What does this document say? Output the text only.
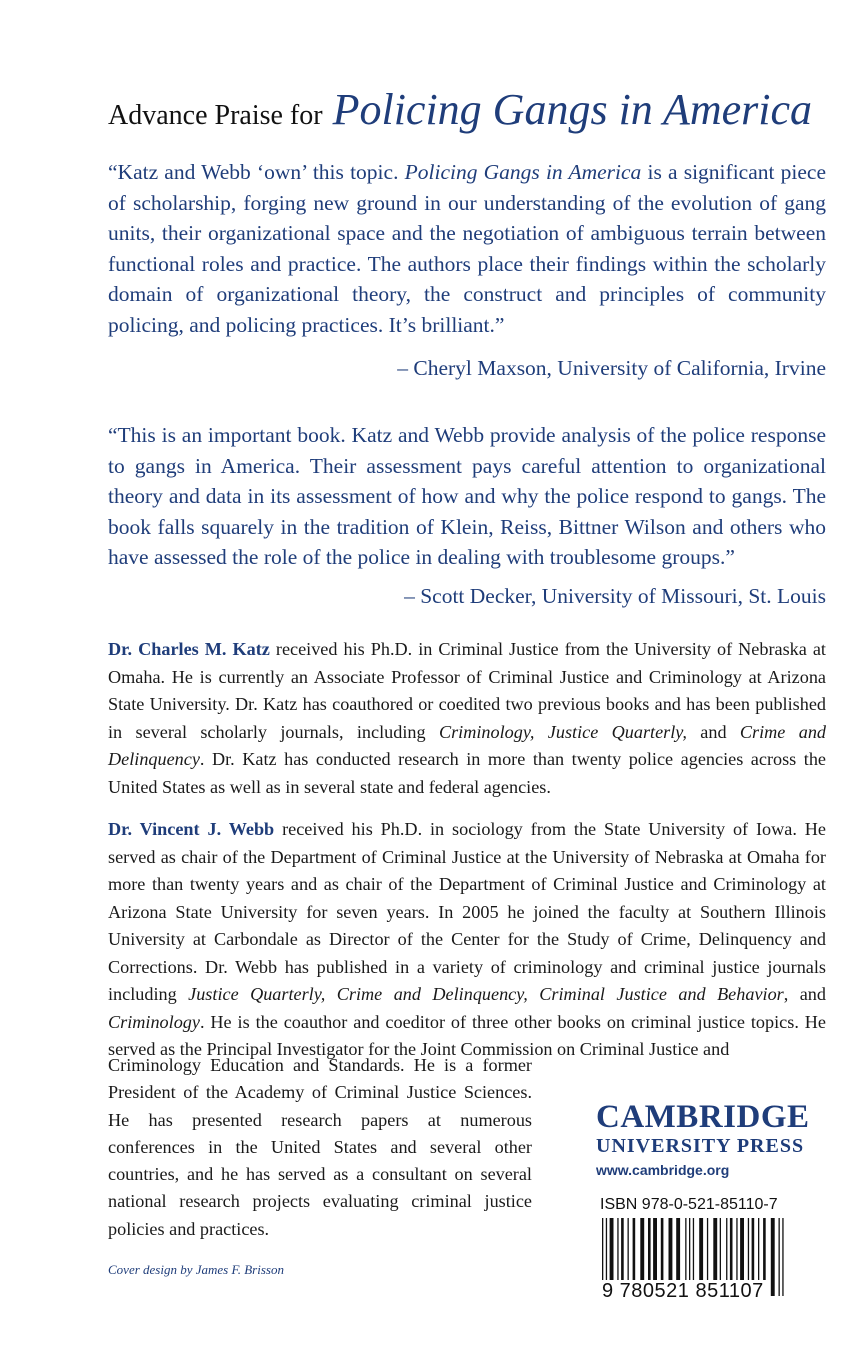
Advance Praise for Policing Gangs in America

“Katz and Webb ‘own’ this topic. Policing Gangs in America is a significant piece of scholarship, forging new ground in our understanding of the evolution of gang units, their organizational space and the negotiation of ambiguous terrain between functional roles and practice. The authors place their findings within the scholarly domain of organizational theory, the construct and principles of community policing, and policing practices. It’s brilliant.”

– Cheryl Maxson, University of California, Irvine

“This is an important book. Katz and Webb provide analysis of the police response to gangs in America. Their assessment pays careful attention to organizational theory and data in its assessment of how and why the police respond to gangs. The book falls squarely in the tradition of Klein, Reiss, Bittner Wilson and others who have assessed the role of the police in dealing with troublesome groups.”

– Scott Decker, University of Missouri, St. Louis

Dr. Charles M. Katz received his Ph.D. in Criminal Justice from the University of Nebraska at Omaha. He is currently an Associate Professor of Criminal Justice and Criminology at Arizona State University. Dr. Katz has coauthored or coedited two previous books and has been published in several scholarly journals, including Criminology, Justice Quarterly, and Crime and Delinquency. Dr. Katz has conducted research in more than twenty police agencies across the United States as well as in several state and federal agencies.

Dr. Vincent J. Webb received his Ph.D. in sociology from the State University of Iowa. He served as chair of the Department of Criminal Justice at the University of Nebraska at Omaha for more than twenty years and as chair of the Department of Criminal Justice and Criminology at Arizona State University for seven years. In 2005 he joined the faculty at Southern Illinois University at Carbondale as Director of the Center for the Study of Crime, Delinquency and Corrections. Dr. Webb has published in a variety of criminology and criminal justice journals including Justice Quarterly, Crime and Delinquency, Criminal Justice and Behavior, and Criminology. He is the coauthor and coeditor of three other books on criminal justice topics. He served as the Principal Investigator for the Joint Commission on Criminal Justice and

Criminology Education and Standards. He is a former President of the Academy of Criminal Justice Sciences. He has presented research papers at numerous conferences in the United States and several other countries, and he has served as a consultant on several national research projects evaluating criminal justice policies and practices.

CAMBRIDGE
UNIVERSITY PRESS
www.cambridge.org
ISBN 978-0-521-85110-7
9 780521 851107
Cover design by James F. Brisson
